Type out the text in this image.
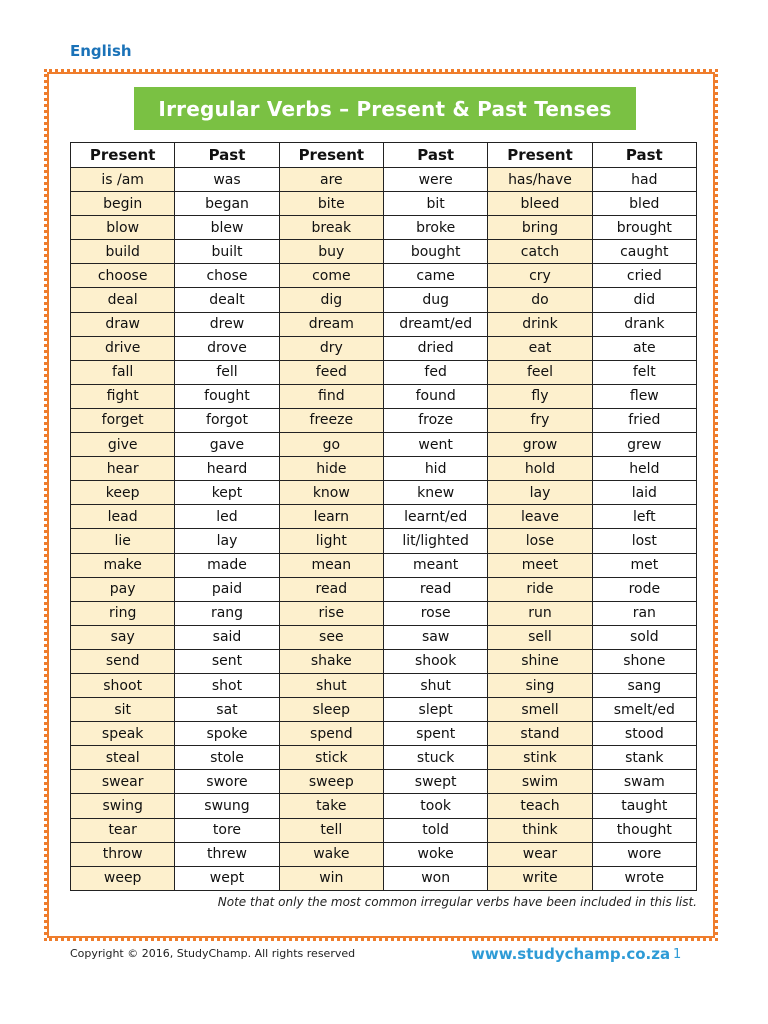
English
Irregular Verbs – Present & Past Tenses
Present	Past	Present	Past	Present	Past
is /am	was	are	were	has/have	had
begin	began	bite	bit	bleed	bled
blow	blew	break	broke	bring	brought
build	built	buy	bought	catch	caught
choose	chose	come	came	cry	cried
deal	dealt	dig	dug	do	did
draw	drew	dream	dreamt/ed	drink	drank
drive	drove	dry	dried	eat	ate
fall	fell	feed	fed	feel	felt
fight	fought	find	found	fly	flew
forget	forgot	freeze	froze	fry	fried
give	gave	go	went	grow	grew
hear	heard	hide	hid	hold	held
keep	kept	know	knew	lay	laid
lead	led	learn	learnt/ed	leave	left
lie	lay	light	lit/lighted	lose	lost
make	made	mean	meant	meet	met
pay	paid	read	read	ride	rode
ring	rang	rise	rose	run	ran
say	said	see	saw	sell	sold
send	sent	shake	shook	shine	shone
shoot	shot	shut	shut	sing	sang
sit	sat	sleep	slept	smell	smelt/ed
speak	spoke	spend	spent	stand	stood
steal	stole	stick	stuck	stink	stank
swear	swore	sweep	swept	swim	swam
swing	swung	take	took	teach	taught
tear	tore	tell	told	think	thought
throw	threw	wake	woke	wear	wore
weep	wept	win	won	write	wrote
Note that only the most common irregular verbs have been included in this list.
Copyright © 2016, StudyChamp. All rights reserved	www.studychamp.co.za 1
